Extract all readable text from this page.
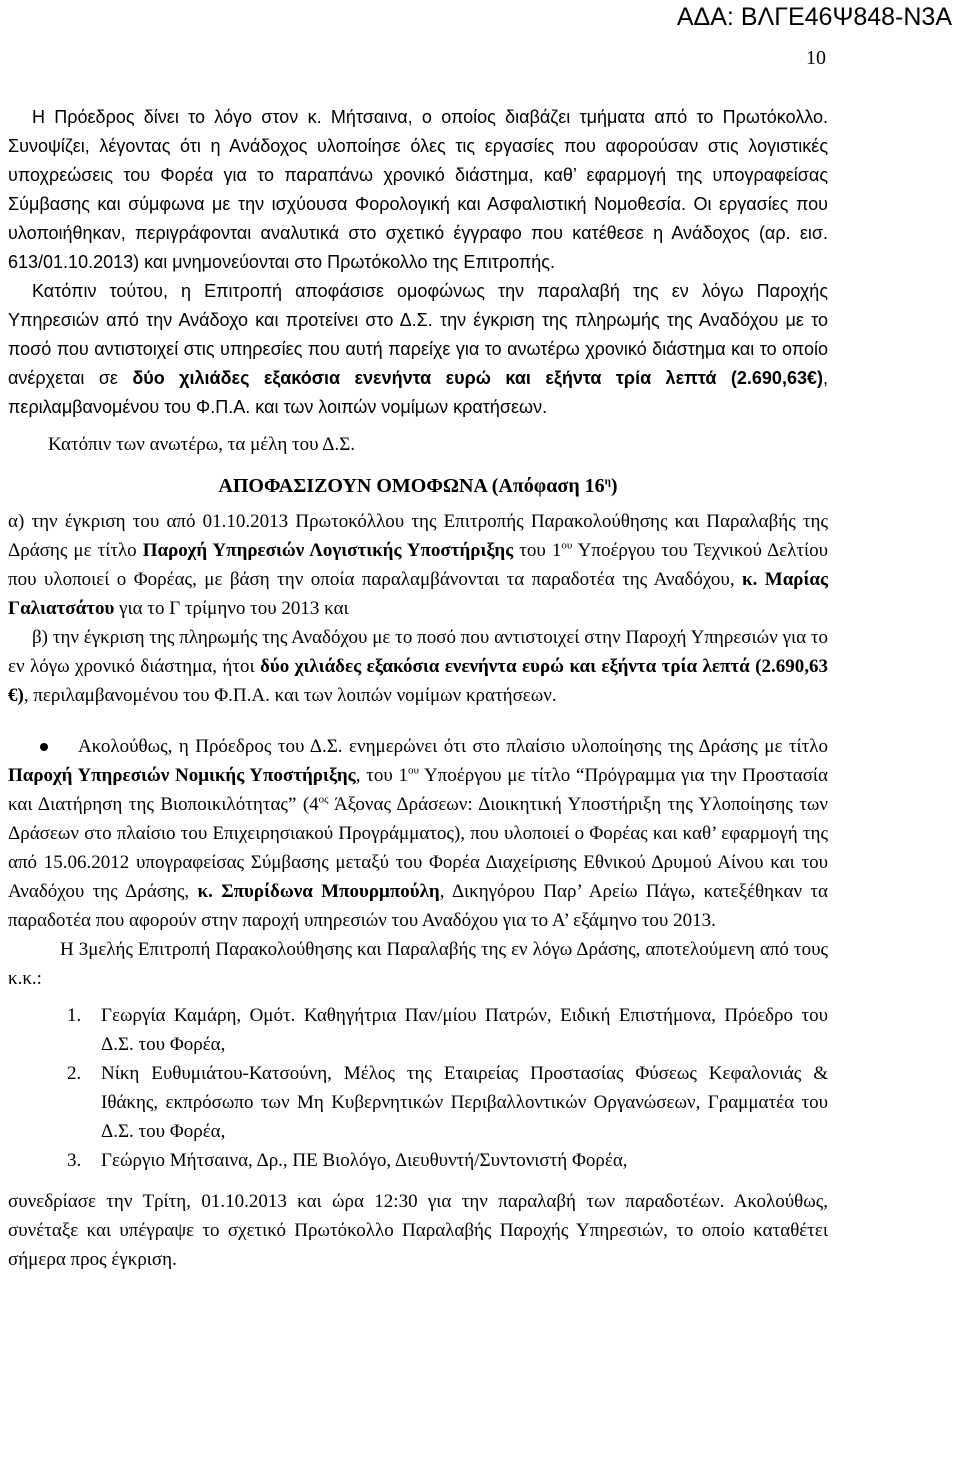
ΑΔΑ: ΒΛΓΕ46Ψ848-Ν3Α
10

Η Πρόεδρος δίνει το λόγο στον κ. Μήτσαινα, ο οποίος διαβάζει τμήματα από το Πρωτόκολλο. Συνοψίζει, λέγοντας ότι η Ανάδοχος υλοποίησε όλες τις εργασίες που αφορούσαν στις λογιστικές υποχρεώσεις του Φορέα για το παραπάνω χρονικό διάστημα, καθ’ εφαρμογή της υπογραφείσας Σύμβασης και σύμφωνα με την ισχύουσα Φορολογική και Ασφαλιστική Νομοθεσία. Οι εργασίες που υλοποιήθηκαν, περιγράφονται αναλυτικά στο σχετικό έγγραφο που κατέθεσε η Ανάδοχος (αρ. εισ. 613/01.10.2013) και μνημονεύονται στο Πρωτόκολλο της Επιτροπής.

Κατόπιν τούτου, η Επιτροπή αποφάσισε ομοφώνως την παραλαβή της εν λόγω Παροχής Υπηρεσιών από την Ανάδοχο και προτείνει στο Δ.Σ. την έγκριση της πληρωμής της Αναδόχου με το ποσό που αντιστοιχεί στις υπηρεσίες που αυτή παρείχε για το ανωτέρω χρονικό διάστημα και το οποίο ανέρχεται σε δύο χιλιάδες εξακόσια ενενήντα ευρώ και εξήντα τρία λεπτά (2.690,63€), περιλαμβανομένου του Φ.Π.Α. και των λοιπών νομίμων κρατήσεων.

Κατόπιν των ανωτέρω, τα μέλη του Δ.Σ.

ΑΠΟΦΑΣΙΖΟΥΝ ΟΜΟΦΩΝΑ (Απόφαση $16^\eta$)

α) την έγκριση του από 01.10.2013 Πρωτοκόλλου της Επιτροπής Παρακολούθησης και Παραλαβής της Δράσης με τίτλο Παροχή Υπηρεσιών Λογιστικής Υποστήριξης του $1^{o\upsilon}$ Υποέργου του Τεχνικού Δελτίου που υλοποιεί ο Φορέας, με βάση την οποία παραλαμβάνονται τα παραδοτέα της Αναδόχου, κ. Μαρίας Γαλιατσάτου για το Γ τρίμηνο του 2013 και

β) την έγκριση της πληρωμής της Αναδόχου με το ποσό που αντιστοιχεί στην Παροχή Υπηρεσιών για το εν λόγω χρονικό διάστημα, ήτοι δύο χιλιάδες εξακόσια ενενήντα ευρώ και εξήντα τρία λεπτά (2.690,63 €), περιλαμβανομένου του Φ.Π.Α. και των λοιπών νομίμων κρατήσεων.

Ακολούθως, η Πρόεδρος του Δ.Σ. ενημερώνει ότι στο πλαίσιο υλοποίησης της Δράσης με τίτλο Παροχή Υπηρεσιών Νομικής Υποστήριξης, του $1^{o\upsilon}$ Υποέργου με τίτλο “Πρόγραμμα για την Προστασία και Διατήρηση της Βιοποικιλότητας” ($4^{o\varsigma}$ Άξονας Δράσεων: Διοικητική Υποστήριξη της Υλοποίησης των Δράσεων στο πλαίσιο του Επιχειρησιακού Προγράμματος), που υλοποιεί ο Φορέας και καθ’ εφαρμογή της από 15.06.2012 υπογραφείσας Σύμβασης μεταξύ του Φορέα Διαχείρισης Εθνικού Δρυμού Αίνου και του Αναδόχου της Δράσης, κ. Σπυρίδωνα Μπουρμπούλη, Δικηγόρου Παρ’ Αρείω Πάγω, κατεξέθηκαν τα παραδοτέα που αφορούν στην παροχή υπηρεσιών του Αναδόχου για το Α’ εξάμηνο του 2013.

Η 3μελής Επιτροπή Παρακολούθησης και Παραλαβής της εν λόγω Δράσης, αποτελούμενη από τους κ.κ.:

1. Γεωργία Καμάρη, Ομότ. Καθηγήτρια Παν/μίου Πατρών, Ειδική Επιστήμονα, Πρόεδρο του Δ.Σ. του Φορέα,
2. Νίκη Ευθυμιάτου-Κατσούνη, Μέλος της Εταιρείας Προστασίας Φύσεως Κεφαλονιάς & Ιθάκης, εκπρόσωπο των Μη Κυβερνητικών Περιβαλλοντικών Οργανώσεων, Γραμματέα του Δ.Σ. του Φορέα,
3. Γεώργιο Μήτσαινα, Δρ., ΠΕ Βιολόγο, Διευθυντή/Συντονιστή Φορέα,

συνεδρίασε την Τρίτη, 01.10.2013 και ώρα 12:30 για την παραλαβή των παραδοτέων. Ακολούθως, συνέταξε και υπέγραψε το σχετικό Πρωτόκολλο Παραλαβής Παροχής Υπηρεσιών, το οποίο καταθέτει σήμερα προς έγκριση.
